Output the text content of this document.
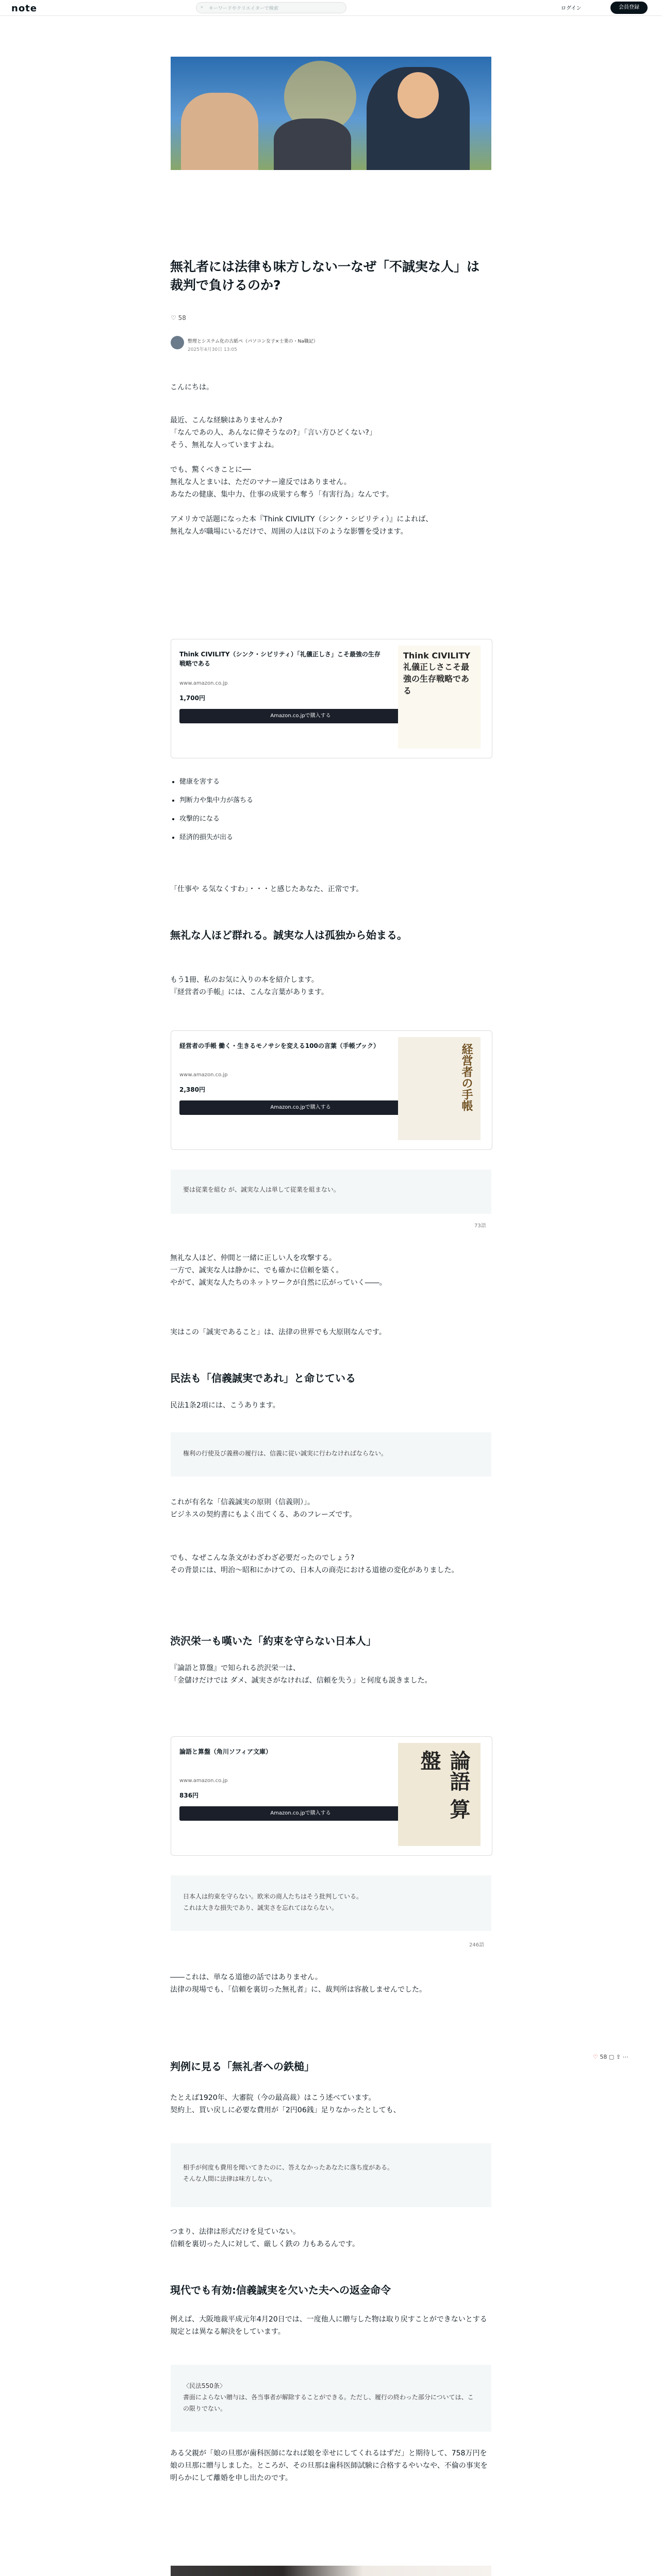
note	⌕ キーワードやクリエイターで検索	ログイン	会員登録
無礼者には法律も味方しない一なぜ「不誠実な人」は裁判で負けるのか?
♡ 58
整理とシステム化の古紙ペ（パソコン女子×士業の・Na職記）
2025年4月30日 13:05

こんにちは。

最近、こんな経験はありませんか?
「なんであの人、あんなに偉そうなの?」「言い方ひどくない?」
そう、無礼な人っていますよね。

でも、驚くべきことに──
無礼な人とまいは、ただのマナー違反ではありません。
あなたの健康、集中力、仕事の成果すら奪う「有害行為」なんです。

アメリカで話題になった本『Think CIVILITY（シンク・シビリティ）』によれば、
無礼な人が職場にいるだけで、周囲の人は以下のような影響を受けます。

Think CIVILITY（シンク・シビリティ）「礼儀正しさ」こそ最強の生存戦略である
www.amazon.co.jp
1,700円
Amazon.co.jpで購入する
Think CIVILITY 礼儀正しさこそ最強の生存戦略である
• 健康を害する
• 判断力や集中力が落ちる
• 攻撃的になる
• 経済的損失が出る

「仕事や る気なくすわ」・・・と感じたあなた、正常です。

無礼な人ほど群れる。誠実な人は孤独から始まる。

もう1冊、私のお気に入りの本を紹介します。
『経営者の手帳』には、こんな言葉があります。

経営者の手帳 働く・生きるモノサシを変える100の言葉（手帳ブック）
www.amazon.co.jp
2,380円
Amazon.co.jpで購入する	経営者の手帳
要は従業を組む が、誠実な人は単して従業を組まない。
73語

無礼な人ほど、仲間と一緒に正しい人を攻撃する。
一方で、誠実な人は静かに、でも確かに信頼を築く。
やがて、誠実な人たちのネットワークが自然に広がっていく――。

実はこの「誠実であること」は、法律の世界でも大原則なんです。

民法も「信義誠実であれ」と命じている

民法1条2項には、こうあります。

権利の行使及び義務の履行は、信義に従い誠実に行わなければならない。

これが有名な「信義誠実の原則（信義則）」。
ビジネスの契約書にもよく出てくる、あのフレーズです。

でも、なぜこんな条文がわざわざ必要だったのでしょう?
その背景には、明治〜昭和にかけての、日本人の商売における道徳の変化がありました。

渋沢栄一も嘆いた「約束を守らない日本人」

『論語と算盤』で知られる渋沢栄一は、
「金儲けだけでは ダメ、誠実さがなければ、信頼を失う」と何度も説きました。

論語と算盤（角川ソフィア文庫）
www.amazon.co.jp
836円
Amazon.co.jpで購入する	論語 算盤
日本人は約束を守らない。欧米の商人たちはそう批判している。
これは大きな損失であり、誠実さを忘れてはならない。
246語

――これは、単なる道徳の話ではありません。
法律の現場でも、「信頼を裏切った無礼者」に、裁判所は容赦しませんでした。

♡ 58 ▢ ⇪ ⋯
判例に見る「無礼者への鉄槌」

たとえば1920年、大審院（今の最高裁）はこう述べています。
契約上、買い戻しに必要な費用が「2円06銭」足りなかったとしても、

相手が何度も費用を聞いてきたのに、答えなかったあなたに落ち度がある。
そんな人間に法律は味方しない。

つまり、法律は形式だけを見ていない。
信頼を裏切った人に対して、厳しく鉄の 力もあるんです。

現代でも有効:信義誠実を欠いた夫への返金命令

例えば、大阪地裁平成元年4月20日では、一度他人に贈与した物は取り戻すことができないとする規定とは異なる解決をしています。

〈民法550条〉
書面によらない贈与は、各当事者が解除することができる。ただし、履行の終わった部分については、この限りでない。

ある父親が「娘の旦那が歯科医師になれば娘を幸せにしてくれるはずだ」と期待して、758万円を娘の旦那に贈与しました。ところが、その旦那は歯科医師試験に合格するやいなや、不倫の事実を明らかにして離婚を申し出たのです。
